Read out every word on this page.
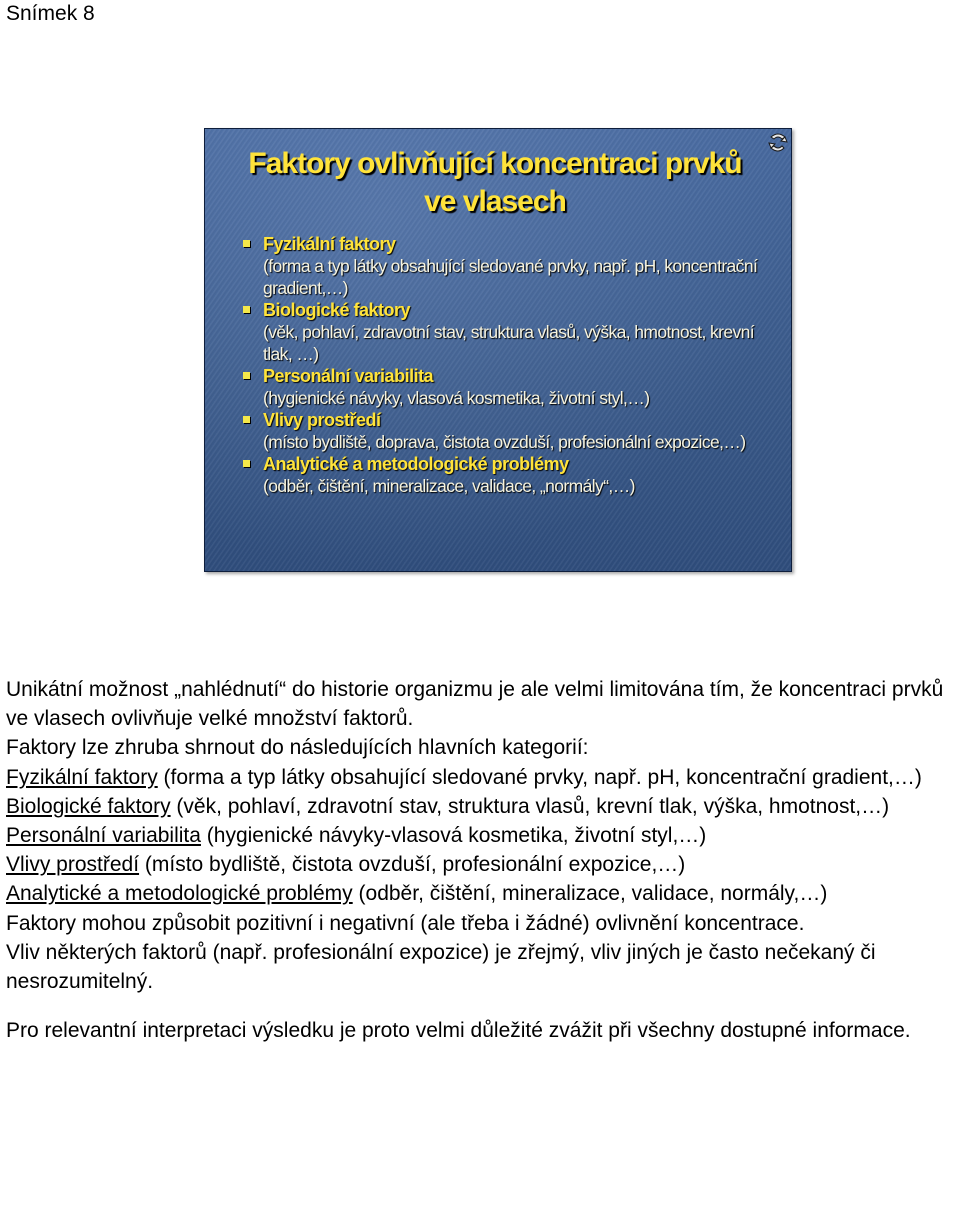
Snímek 8
Faktory ovlivňující koncentraci prvků
ve vlasech
Fyzikální faktory
(forma a typ látky obsahující sledované prvky, např. pH, koncentrační gradient,…)
Biologické faktory
(věk, pohlaví, zdravotní stav, struktura vlasů, výška, hmotnost, krevní tlak, …)
Personální variabilita
(hygienické návyky, vlasová kosmetika, životní styl,…)
Vlivy prostředí
(místo bydliště, doprava, čistota ovzduší, profesionální expozice,…)
Analytické a metodologické problémy
(odběr, čištění, mineralizace, validace, „normály“,…)

Unikátní možnost „nahlédnutí“ do historie organizmu je ale velmi limitována tím, že koncentraci prvků ve vlasech ovlivňuje velké množství faktorů.

Faktory lze zhruba shrnout do následujících hlavních kategorií:

Fyzikální faktory (forma a typ látky obsahující sledované prvky, např. pH, koncentrační gradient,…)

Biologické faktory (věk, pohlaví, zdravotní stav, struktura vlasů, krevní tlak, výška, hmotnost,…)

Personální variabilita (hygienické návyky-vlasová kosmetika, životní styl,…)

Vlivy prostředí (místo bydliště, čistota ovzduší, profesionální expozice,…)

Analytické a metodologické problémy (odběr, čištění, mineralizace, validace, normály,…)

Faktory mohou způsobit pozitivní i negativní (ale třeba i žádné) ovlivnění koncentrace.

Vliv některých faktorů (např. profesionální expozice) je zřejmý, vliv jiných je často nečekaný či nesrozumitelný.

Pro relevantní interpretaci výsledku je proto velmi důležité zvážit při všechny dostupné informace.
